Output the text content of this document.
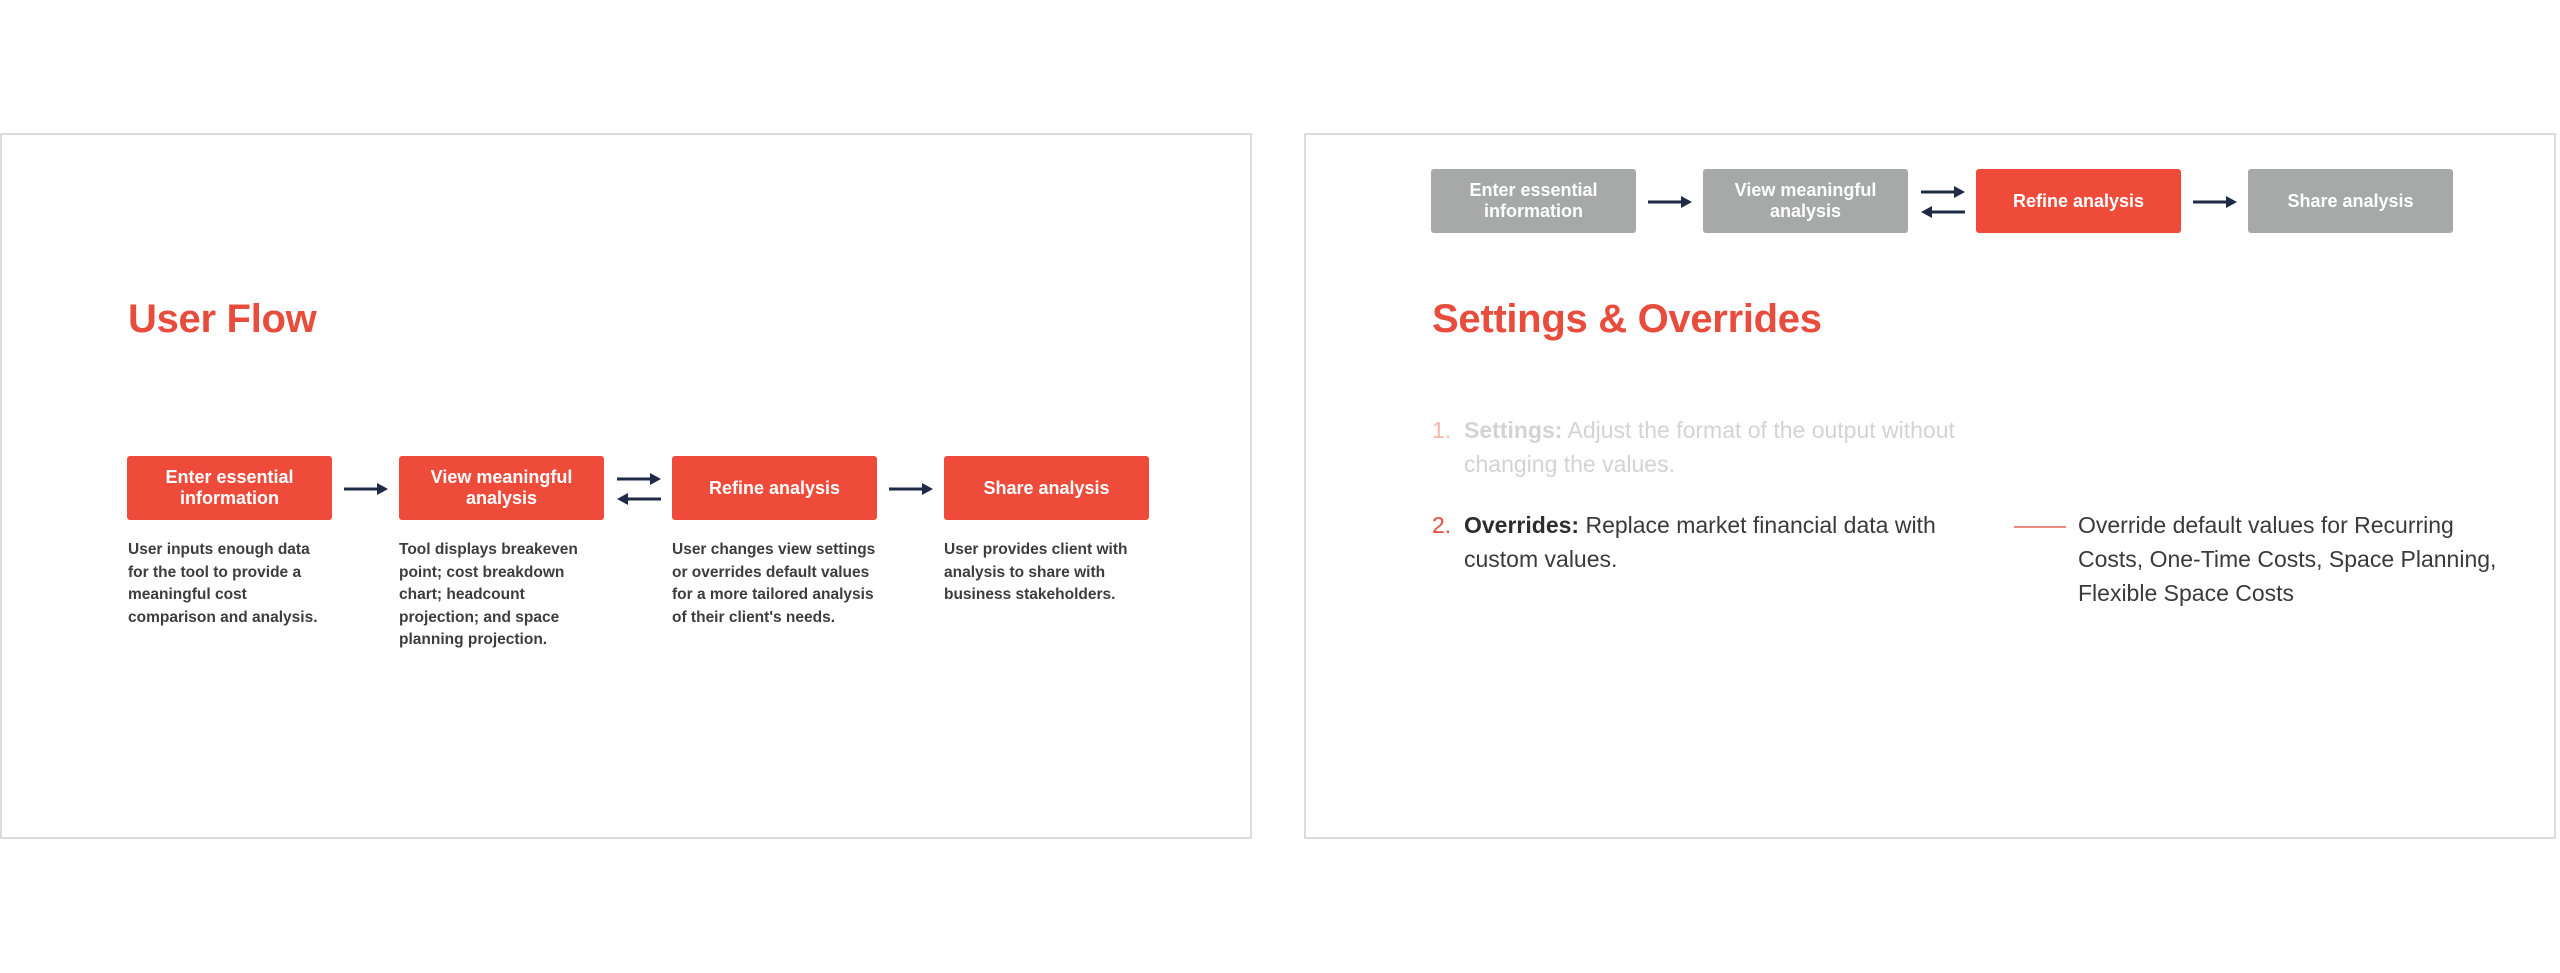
User Flow
Enter essential information
View meaningful analysis
Refine analysis	Share analysis
User inputs enough data for the tool to provide a meaningful cost comparison and analysis.
Tool displays breakeven point; cost breakdown chart; headcount projection; and space planning projection.
User changes view settings or overrides default values for a more tailored analysis of their client's needs.
User provides client with analysis to share with business stakeholders.
Enter essential information
View meaningful analysis
Refine analysis	Share analysis
Settings & Overrides
1. Settings: Adjust the format of the output without changing the values.
2. Overrides: Replace market financial data with custom values.
Override default values for Recurring Costs, One-Time Costs, Space Planning, Flexible Space Costs
